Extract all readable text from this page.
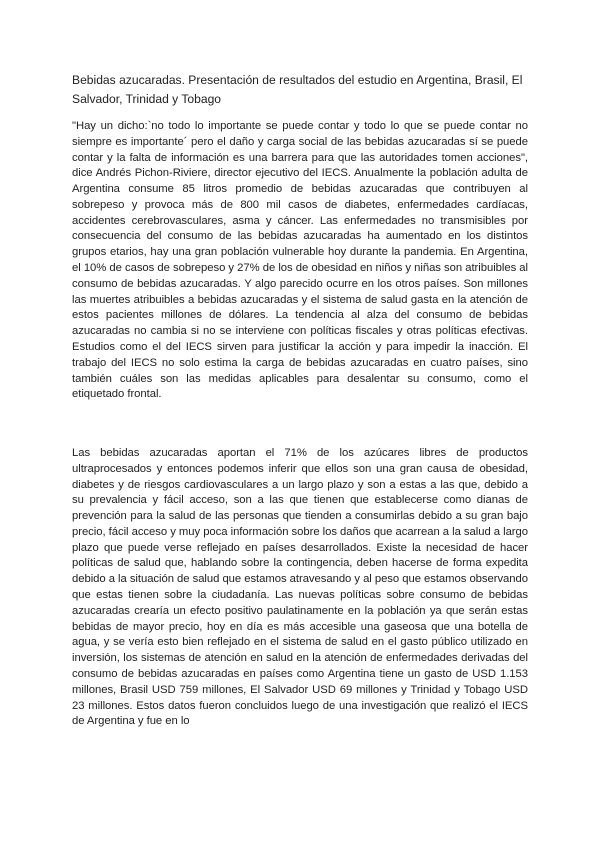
Bebidas azucaradas. Presentación de resultados del estudio en Argentina, Brasil, El Salvador, Trinidad y Tobago

"Hay un dicho:`no todo lo importante se puede contar y todo lo que se puede contar no siempre es importante´ pero el daño y carga social de las bebidas azucaradas sí se puede contar y la falta de información es una barrera para que las autoridades tomen acciones", dice Andrés Pichon-Riviere, director ejecutivo del IECS. Anualmente la población adulta de Argentina consume 85 litros promedio de bebidas azucaradas que contribuyen al sobrepeso y provoca más de 800 mil casos de diabetes, enfermedades cardíacas, accidentes cerebrovasculares, asma y cáncer. Las enfermedades no transmisibles por consecuencia del consumo de las bebidas azucaradas ha aumentado en los distintos grupos etarios, hay una gran población vulnerable hoy durante la pandemia. En Argentina, el 10% de casos de sobrepeso y 27% de los de obesidad en niños y niñas son atribuibles al consumo de bebidas azucaradas. Y algo parecido ocurre en los otros países. Son millones las muertes atribuibles a bebidas azucaradas y el sistema de salud gasta en la atención de estos pacientes millones de dólares. La tendencia al alza del consumo de bebidas azucaradas no cambia si no se interviene con políticas fiscales y otras políticas efectivas. Estudios como el del IECS sirven para justificar la acción y para impedir la inacción. El trabajo del IECS no solo estima la carga de bebidas azucaradas en cuatro países, sino también cuáles son las medidas aplicables para desalentar su consumo, como el etiquetado frontal.

Las bebidas azucaradas aportan el 71% de los azúcares libres de productos ultraprocesados y entonces podemos inferir que ellos son una gran causa de obesidad, diabetes y de riesgos cardiovasculares a un largo plazo y son a estas a las que, debido a su prevalencia y fácil acceso, son a las que tienen que establecerse como dianas de prevención para la salud de las personas que tienden a consumirlas debido a su gran bajo precio, fácil acceso y muy poca información sobre los daños que acarrean a la salud a largo plazo que puede verse reflejado en países desarrollados. Existe la necesidad de hacer políticas de salud que, hablando sobre la contingencia, deben hacerse de forma expedita debido a la situación de salud que estamos atravesando y al peso que estamos observando que estas tienen sobre la ciudadanía. Las nuevas políticas sobre consumo de bebidas azucaradas crearía un efecto positivo paulatinamente en la población ya que serán estas bebidas de mayor precio, hoy en día es más accesible una gaseosa que una botella de agua, y se vería esto bien reflejado en el sistema de salud en el gasto público utilizado en inversión, los sistemas de atención en salud en la atención de enfermedades derivadas del consumo de bebidas azucaradas en países como Argentina tiene un gasto de USD 1.153 millones, Brasil USD 759 millones, El Salvador USD 69 millones y Trinidad y Tobago USD 23 millones. Estos datos fueron concluidos luego de una investigación que realizó el IECS de Argentina y fue en lo
